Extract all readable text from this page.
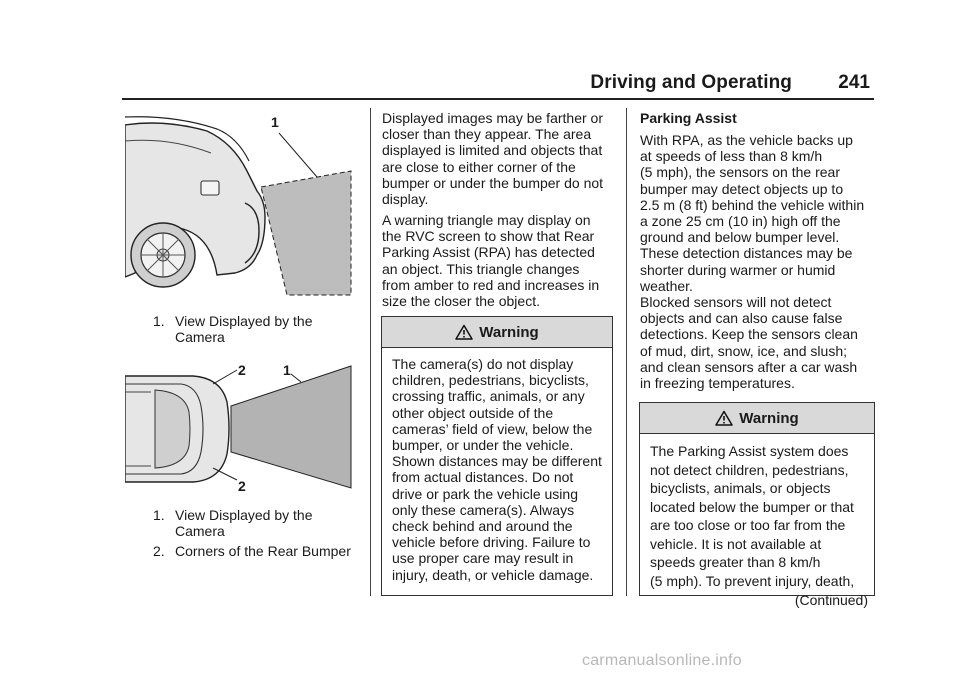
Driving and Operating 241
1
1. View Displayed by the
Camera
2	1
2
1. View Displayed by the
Camera
2. Corners of the Rear Bumper
Displayed images may be farther or
closer than they appear. The area
displayed is limited and objects that
are close to either corner of the
bumper or under the bumper do not
display.
A warning triangle may display on
the RVC screen to show that Rear
Parking Assist (RPA) has detected
an object. This triangle changes
from amber to red and increases in
size the closer the object.
Warning
The camera(s) do not display
children, pedestrians, bicyclists,
crossing traffic, animals, or any
other object outside of the
cameras’ field of view, below the
bumper, or under the vehicle.
Shown distances may be different
from actual distances. Do not
drive or park the vehicle using
only these camera(s). Always
check behind and around the
vehicle before driving. Failure to
use proper care may result in
injury, death, or vehicle damage.
Parking Assist
With RPA, as the vehicle backs up
at speeds of less than 8 km/h
(5 mph), the sensors on the rear
bumper may detect objects up to
2.5 m (8 ft) behind the vehicle within
a zone 25 cm (10 in) high off the
ground and below bumper level.
These detection distances may be
shorter during warmer or humid
weather.
Blocked sensors will not detect
objects and can also cause false
detections. Keep the sensors clean
of mud, dirt, snow, ice, and slush;
and clean sensors after a car wash
in freezing temperatures.
Warning
The Parking Assist system does
not detect children, pedestrians,
bicyclists, animals, or objects
located below the bumper or that
are too close or too far from the
vehicle. It is not available at
speeds greater than 8 km/h
(5 mph). To prevent injury, death,
(Continued)
carmanualsonline.info
